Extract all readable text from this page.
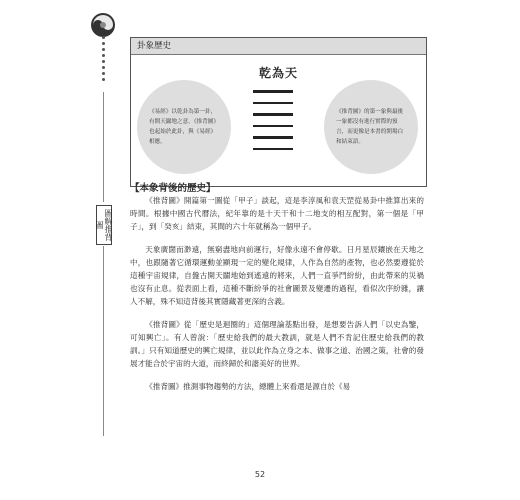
圖解推背圖
卦象歷史
乾為天

《易經》以乾卦為第一卦，有開天闢地之意，《推背圖》也起始於此卦，與《易經》相應。

《推背圖》的第一象與最後一象都沒有進行實際的預言，而更像是本書的開場白和結束語。

【本象背後的歷史】

《推背圖》開篇第一圖從「甲子」談起，這是李淳風和袁天罡從易卦中推算出來的時間。根據中國古代曆法，紀年靠的是十天干和十二地支的相互配對，第一個是「甲子」，到「癸亥」結束，其間的六十年就稱為一個甲子。

天象廣闊而渺遠，無窮盡地向前運行，好像永遠不會停歇。日月星辰鑲嵌在天地之中，也跟隨著它循環運動並顯現一定的變化規律，人作為自然的產物，也必然要遵從於這種宇宙規律，自盤古開天闢地始到遙遠的將來，人們一直爭鬥紛紛，由此帶來的災禍也沒有止息。從表面上看，這種不斷紛爭的社會圖景及變遷的過程，看似次序紛雜，讓人不解，殊不知這背後其實隱藏著更深的含義。

《推背圖》從「歷史是迴圈的」這個理論基點出發，是想要告訴人們「以史為鑒，可知興亡」。有人曾說：「歷史給我們的最大教訓，就是人們不肯記住歷史給我們的教訓。」只有知道歷史的興亡規律，並以此作為立身之本、做事之道、治國之策，社會的發展才能合於宇宙的大道，而終歸於和諧美好的世界。

《推背圖》推測事物趨勢的方法，總體上來看還是源自於《易

52
